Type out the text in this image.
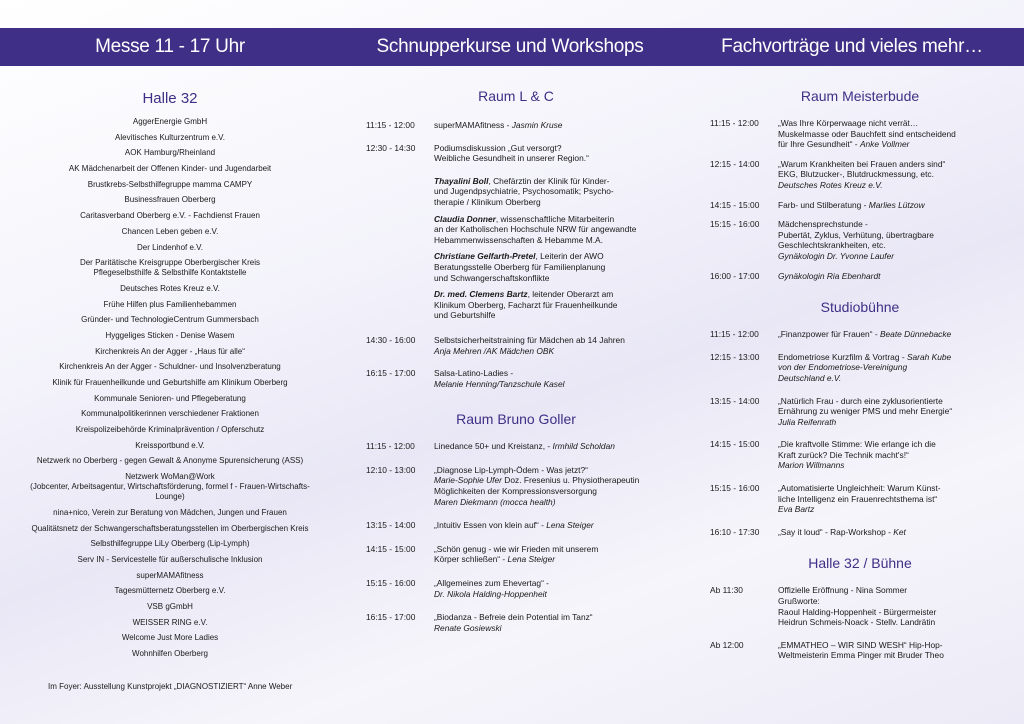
Messe 11 - 17 Uhr	Schnupperkurse und Workshops	Fachvorträge und vieles mehr…
Halle 32
AggerEnergie GmbH
Alevitisches Kulturzentrum e.V.
AOK Hamburg/Rheinland
AK Mädchenarbeit der Offenen Kinder- und Jugendarbeit
Brustkrebs-Selbsthilfegruppe mamma CAMPY
Businessfrauen Oberberg
Caritasverband Oberberg e.V. - Fachdienst Frauen
Chancen Leben geben e.V.
Der Lindenhof e.V.
Der Paritätische Kreisgruppe Oberbergischer Kreis
Pflegeselbsthilfe & Selbsthilfe Kontaktstelle
Deutsches Rotes Kreuz e.V.
Frühe Hilfen plus Familienhebammen
Gründer- und TechnologieCentrum Gummersbach
Hyggeliges Sticken - Denise Wasem
Kirchenkreis An der Agger - „Haus für alle“
Kirchenkreis An der Agger - Schuldner- und Insolvenzberatung
Klinik für Frauenheilkunde und Geburtshilfe am Klinikum Oberberg
Kommunale Senioren- und Pflegeberatung
Kommunalpolitikerinnen verschiedener Fraktionen
Kreispolizeibehörde Kriminalprävention / Opferschutz
Kreissportbund e.V.
Netzwerk no Oberberg - gegen Gewalt & Anonyme Spurensicherung (ASS)
Netzwerk WoMan@Work
(Jobcenter, Arbeitsagentur, Wirtschaftsförderung, formel f - Frauen-Wirtschafts-Lounge)
nina+nico, Verein zur Beratung von Mädchen, Jungen und Frauen
Qualitätsnetz der Schwangerschaftsberatungsstellen im Oberbergischen Kreis
Selbsthilfegruppe LiLy Oberberg (Lip-Lymph)
Serv IN - Servicestelle für außerschulische Inklusion
superMAMAfitness
Tagesmütternetz Oberberg e.V.
VSB gGmbH
WEISSER RING e.V.
Welcome Just More Ladies
Wohnhilfen Oberberg
Im Foyer: Ausstellung Kunstprojekt „DIAGNOSTIZIERT“ Anne Weber
Raum L & C
11:15 - 12:00	superMAMAfitness - Jasmin Kruse
12:30 - 14:30	Podiumsdiskussion „Gut versorgt?
Weibliche Gesundheit in unserer Region.“
Thayalini Boll, Chefärztin der Klinik für Kinder-
und Jugendpsychiatrie, Psychosomatik; Psycho-
therapie / Klinikum Oberberg
Claudia Donner, wissenschaftliche Mitarbeiterin
an der Katholischen Hochschule NRW für angewandte
Hebammenwissenschaften & Hebamme M.A.
Christiane Gelfarth-Pretel, Leiterin der AWO
Beratungsstelle Oberberg für Familienplanung
und Schwangerschaftskonflikte
Dr. med. Clemens Bartz, leitender Oberarzt am
Klinikum Oberberg, Facharzt für Frauenheilkunde
und Geburtshilfe
14:30 - 16:00	Selbstsicherheitstraining für Mädchen ab 14 Jahren
Anja Mehren /AK Mädchen OBK
16:15 - 17:00	Salsa-Latino-Ladies -
Melanie Henning/Tanzschule Kasel
Raum Bruno Goller
11:15 - 12:00	Linedance 50+ und Kreistanz, - Irmhild Scholdan
12:10 - 13:00	„Diagnose Lip-Lymph-Ödem - Was jetzt?“
Marie-Sophie Ufer Doz. Fresenius u. Physiotherapeutin
Möglichkeiten der Kompressionsversorgung
Maren Diekmann (mocca health)
13:15 - 14:00	„Intuitiv Essen von klein auf“ - Lena Steiger
14:15 - 15:00	„Schön genug - wie wir Frieden mit unserem
Körper schließen“ - Lena Steiger
15:15 - 16:00	„Allgemeines zum Ehevertag“ -
Dr. Nikola Halding-Hoppenheit
16:15 - 17:00	„Biodanza - Befreie dein Potential im Tanz“
Renate Gosiewski
Raum Meisterbude
11:15 - 12:00	„Was Ihre Körperwaage nicht verrät…
Muskelmasse oder Bauchfett sind entscheidend
für Ihre Gesundheit“ - Anke Vollmer
12:15 - 14:00	„Warum Krankheiten bei Frauen anders sind“
EKG, Blutzucker-, Blutdruckmessung, etc.
Deutsches Rotes Kreuz e.V.
14:15 - 15:00	Farb- und Stilberatung - Marlies Lützow
15:15 - 16:00	Mädchensprechstunde -
Pubertät, Zyklus, Verhütung, übertragbare
Geschlechtskrankheiten, etc.
Gynäkologin Dr. Yvonne Laufer
16:00 - 17:00	Gynäkologin Ria Ebenhardt
Studiobühne
11:15 - 12:00	„Finanzpower für Frauen“ - Beate Dünnebacke
12:15 - 13:00	Endometriose Kurzfilm & Vortrag - Sarah Kube
von der Endometriose-Vereinigung
Deutschland e.V.
13:15 - 14:00	„Natürlich Frau - durch eine zyklusorientierte
Ernährung zu weniger PMS und mehr Energie“
Julia Reifenrath
14:15 - 15:00	„Die kraftvolle Stimme: Wie erlange ich die
Kraft zurück? Die Technik macht's!“
Marion Willmanns
15:15 - 16:00	„Automatisierte Ungleichheit: Warum Künst-
liche Intelligenz ein Frauenrechtsthema ist“
Eva Bartz
16:10 - 17:30	„Say it loud“ - Rap-Workshop - Ket
Halle 32 / Bühne
Ab 11:30	Offizielle Eröffnung - Nina Sommer
Grußworte:
Raoul Halding-Hoppenheit - Bürgermeister
Heidrun Schmeis-Noack - Stellv. Landrätin
Ab 12:00	„EMMATHEO – WIR SIND WESH“ Hip-Hop-
Weltmeisterin Emma Pinger mit Bruder Theo
